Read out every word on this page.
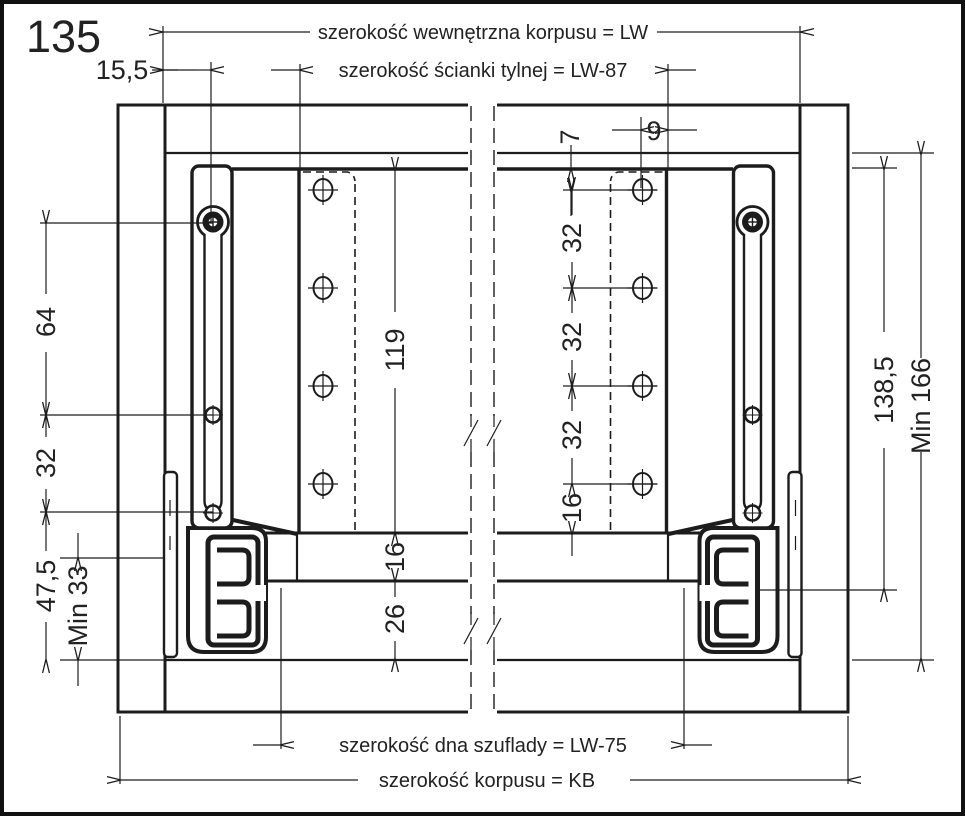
szerokość wewnętrzna korpusu = LW
szerokość ścianki tylnej = LW-87
15,5
9
7
32
32
32
16
119
16
26
64
32
47,5 Min 33
138,5 Min 166
szerokość dna szuflady = LW-75
szerokość korpusu = KB
135
